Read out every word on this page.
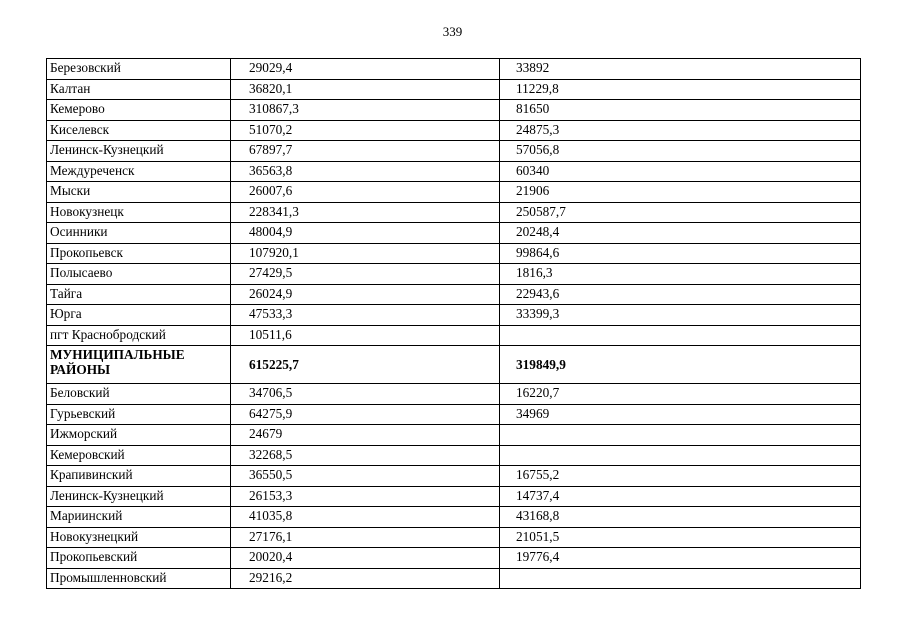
339
Березовский	29029,4	33892
Калтан	36820,1	11229,8
Кемерово	310867,3	81650
Киселевск	51070,2	24875,3
Ленинск-Кузнецкий	67897,7	57056,8
Междуреченск	36563,8	60340
Мыски	26007,6	21906
Новокузнецк	228341,3	250587,7
Осинники	48004,9	20248,4
Прокопьевск	107920,1	99864,6
Полысаево	27429,5	1816,3
Тайга	26024,9	22943,6
Юрга	47533,3	33399,3
пгт Краснобродский	10511,6	
МУНИЦИПАЛЬНЫЕ РАЙОНЫ	615225,7	319849,9
Беловский	34706,5	16220,7
Гурьевский	64275,9	34969
Ижморский	24679	
Кемеровский	32268,5	
Крапивинский	36550,5	16755,2
Ленинск-Кузнецкий	26153,3	14737,4
Мариинский	41035,8	43168,8
Новокузнецкий	27176,1	21051,5
Прокопьевский	20020,4	19776,4
Промышленновский	29216,2	
